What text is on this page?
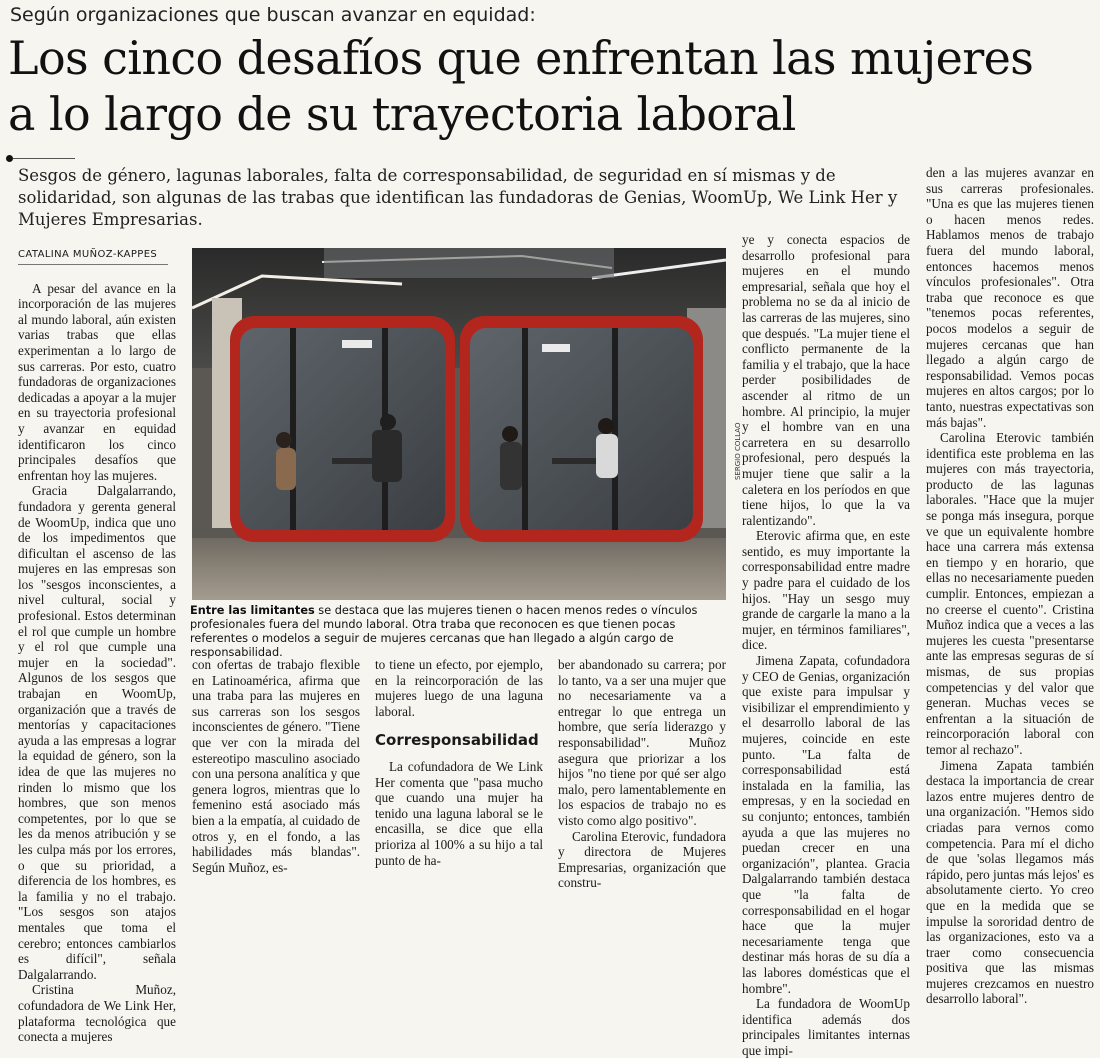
Según organizaciones que buscan avanzar en equidad:
Los cinco desafíos que enfrentan las mujeres
a lo largo de su trayectoria laboral
Sesgos de género, lagunas laborales, falta de corresponsabilidad, de seguridad en sí mismas y de solidaridad, son algunas de las trabas que identifican las fundadoras de Genias, WoomUp, We Link Her y Mujeres Empresarias.
CATALINA MUÑOZ-KAPPES

A pesar del avance en la incorporación de las mujeres al mundo laboral, aún existen varias trabas que ellas experimentan a lo largo de sus carreras. Por esto, cuatro fundadoras de organizaciones dedicadas a apoyar a la mujer en su trayectoria profesional y avanzar en equidad identificaron los cinco principales desafíos que enfrentan hoy las mujeres.

Gracia Dalgalarrando, fundadora y gerenta general de WoomUp, indica que uno de los impedimentos que dificultan el ascenso de las mujeres en las empresas son los "sesgos inconscientes, a nivel cultural, social y profesional. Estos determinan el rol que cumple un hombre y el rol que cumple una mujer en la sociedad". Algunos de los sesgos que trabajan en WoomUp, organización que a través de mentorías y capacitaciones ayuda a las empresas a lograr la equidad de género, son la idea de que las mujeres no rinden lo mismo que los hombres, que son menos competentes, por lo que se les da menos atribución y se les culpa más por los errores, o que su prioridad, a diferencia de los hombres, es la familia y no el trabajo. "Los sesgos son atajos mentales que toma el cerebro; entonces cambiarlos es difícil", señala Dalgalarrando.

Cristina Muñoz, cofundadora de We Link Her, plataforma tecnológica que conecta a mujeres

SERGIO COLLAO
Entre las limitantes se destaca que las mujeres tienen o hacen menos redes o vínculos profesionales fuera del mundo laboral. Otra traba que reconocen es que tienen pocas referentes o modelos a seguir de mujeres cercanas que han llegado a algún cargo de responsabilidad.

con ofertas de trabajo flexible en Latinoamérica, afirma que una traba para las mujeres en sus carreras son los sesgos inconscientes de género. "Tiene que ver con la mirada del estereotipo masculino asociado con una persona analítica y que genera logros, mientras que lo femenino está asociado más bien a la empatía, al cuidado de otros y, en el fondo, a las habilidades más blandas". Según Muñoz, es-

to tiene un efecto, por ejemplo, en la reincorporación de las mujeres luego de una laguna laboral.

Corresponsabilidad

La cofundadora de We Link Her comenta que "pasa mucho que cuando una mujer ha tenido una laguna laboral se le encasilla, se dice que ella prioriza al 100% a su hijo a tal punto de ha-

ber abandonado su carrera; por lo tanto, va a ser una mujer que no necesariamente va a entregar lo que entrega un hombre, que sería liderazgo y responsabilidad". Muñoz asegura que priorizar a los hijos "no tiene por qué ser algo malo, pero lamentablemente en los espacios de trabajo no es visto como algo positivo".

Carolina Eterovic, fundadora y directora de Mujeres Empresarias, organización que constru-

ye y conecta espacios de desarrollo profesional para mujeres en el mundo empresarial, señala que hoy el problema no se da al inicio de las carreras de las mujeres, sino que después. "La mujer tiene el conflicto permanente de la familia y el trabajo, que la hace perder posibilidades de ascender al ritmo de un hombre. Al principio, la mujer y el hombre van en una carretera en su desarrollo profesional, pero después la mujer tiene que salir a la caletera en los períodos en que tiene hijos, lo que la va ralentizando".

Eterovic afirma que, en este sentido, es muy importante la corresponsabilidad entre madre y padre para el cuidado de los hijos. "Hay un sesgo muy grande de cargarle la mano a la mujer, en términos familiares", dice.

Jimena Zapata, cofundadora y CEO de Genias, organización que existe para impulsar y visibilizar el emprendimiento y el desarrollo laboral de las mujeres, coincide en este punto. "La falta de corresponsabilidad está instalada en la familia, las empresas, y en la sociedad en su conjunto; entonces, también ayuda a que las mujeres no puedan crecer en una organización", plantea. Gracia Dalgalarrando también destaca que "la falta de corresponsabilidad en el hogar hace que la mujer necesariamente tenga que destinar más horas de su día a las labores domésticas que el hombre".

La fundadora de WoomUp identifica además dos principales limitantes internas que impi-

den a las mujeres avanzar en sus carreras profesionales. "Una es que las mujeres tienen o hacen menos redes. Hablamos menos de trabajo fuera del mundo laboral, entonces hacemos menos vínculos profesionales". Otra traba que reconoce es que "tenemos pocas referentes, pocos modelos a seguir de mujeres cercanas que han llegado a algún cargo de responsabilidad. Vemos pocas mujeres en altos cargos; por lo tanto, nuestras expectativas son más bajas".

Carolina Eterovic también identifica este problema en las mujeres con más trayectoria, producto de las lagunas laborales. "Hace que la mujer se ponga más insegura, porque ve que un equivalente hombre hace una carrera más extensa en tiempo y en horario, que ellas no necesariamente pueden cumplir. Entonces, empiezan a no creerse el cuento". Cristina Muñoz indica que a veces a las mujeres les cuesta "presentarse ante las empresas seguras de sí mismas, de sus propias competencias y del valor que generan. Muchas veces se enfrentan a la situación de reincorporación laboral con temor al rechazo".

Jimena Zapata también destaca la importancia de crear lazos entre mujeres dentro de una organización. "Hemos sido criadas para vernos como competencia. Para mí el dicho de que 'solas llegamos más rápido, pero juntas más lejos' es absolutamente cierto. Yo creo que en la medida que se impulse la sororidad dentro de las organizaciones, esto va a traer como consecuencia positiva que las mismas mujeres crezcamos en nuestro desarrollo laboral".
